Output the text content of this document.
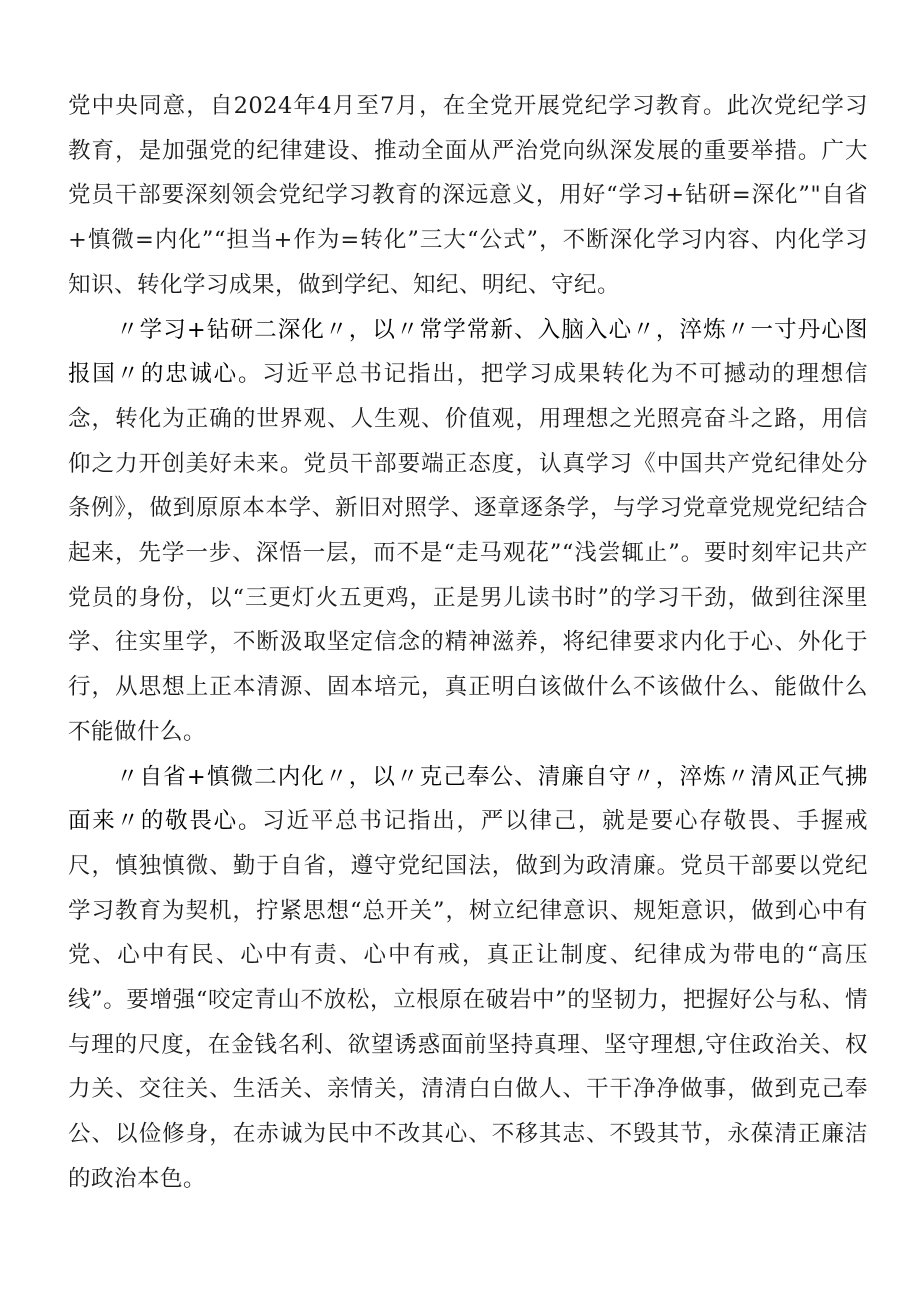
党中央同意，自2024年4月至7月，在全党开展党纪学习教育。此次党纪学习教育，是加强党的纪律建设、推动全面从严治党向纵深发展的重要举措。广大党员干部要深刻领会党纪学习教育的深远意义，用好“学习+钻研=深化”"自省+慎微=内化”“担当+作为=转化”三大“公式”，不断深化学习内容、内化学习知识、转化学习成果，做到学纪、知纪、明纪、守纪。

〃学习+钻研二深化〃，以〃常学常新、入脑入心〃，淬炼〃一寸丹心图报国〃的忠诚心。习近平总书记指出，把学习成果转化为不可撼动的理想信念，转化为正确的世界观、人生观、价值观，用理想之光照亮奋斗之路，用信仰之力开创美好未来。党员干部要端正态度，认真学习《中国共产党纪律处分条例》，做到原原本本学、新旧对照学、逐章逐条学，与学习党章党规党纪结合起来，先学一步、深悟一层，而不是“走马观花”“浅尝辄止”。要时刻牢记共产党员的身份，以“三更灯火五更鸡，正是男儿读书时”的学习干劲，做到往深里学、往实里学，不断汲取坚定信念的精神滋养，将纪律要求内化于心、外化于行，从思想上正本清源、固本培元，真正明白该做什么不该做什么、能做什么不能做什么。

〃自省+慎微二内化〃，以〃克己奉公、清廉自守〃，淬炼〃清风正气拂面来〃的敬畏心。习近平总书记指出，严以律己，就是要心存敬畏、手握戒尺，慎独慎微、勤于自省，遵守党纪国法，做到为政清廉。党员干部要以党纪学习教育为契机，拧紧思想“总开关”，树立纪律意识、规矩意识，做到心中有党、心中有民、心中有责、心中有戒，真正让制度、纪律成为带电的“高压线”。要增强“咬定青山不放松，立根原在破岩中”的坚韧力，把握好公与私、情与理的尺度，在金钱名利、欲望诱惑面前坚持真理、坚守理想,守住政治关、权力关、交往关、生活关、亲情关，清清白白做人、干干净净做事，做到克己奉公、以俭修身，在赤诚为民中不改其心、不移其志、不毁其节，永葆清正廉洁的政治本色。
